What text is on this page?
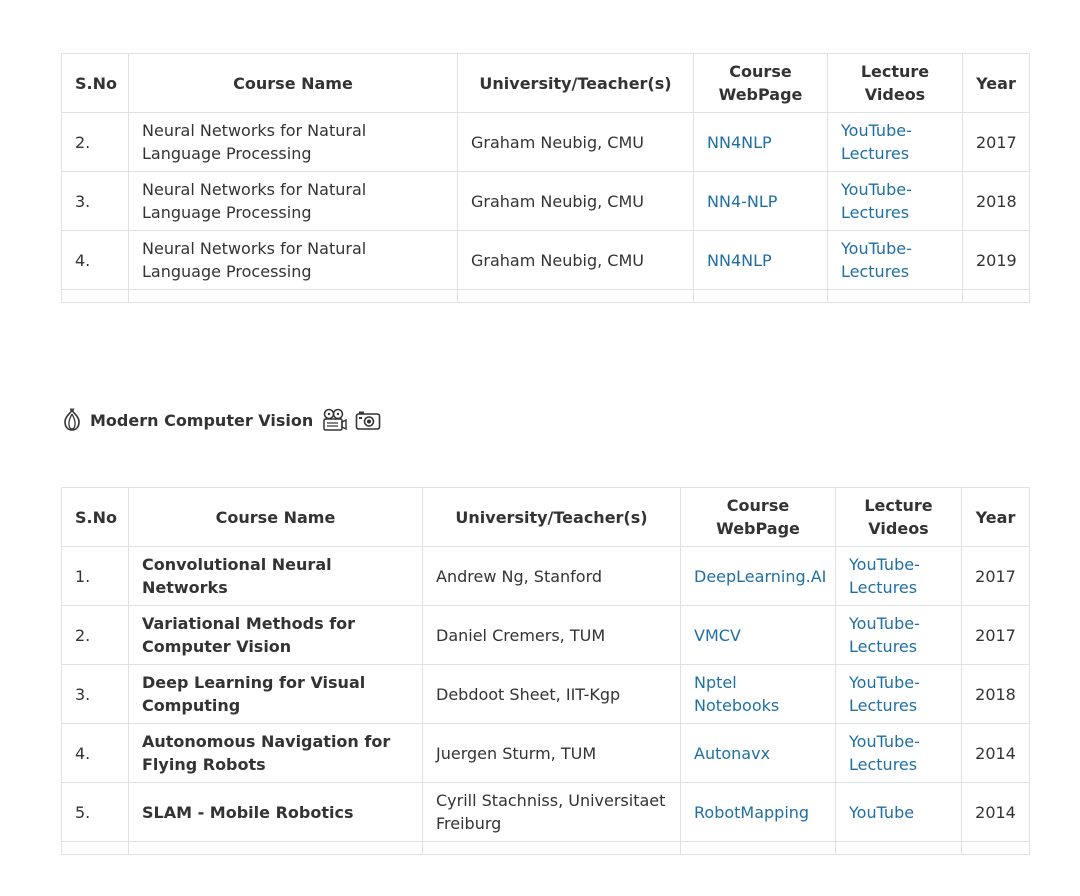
S.No	Course Name	University/Teacher(s)	Course WebPage	Lecture Videos	Year
2.	Neural Networks for Natural Language Processing	Graham Neubig, CMU	NN4NLP	YouTube-Lectures	2017
3.	Neural Networks for Natural Language Processing	Graham Neubig, CMU	NN4-NLP	YouTube-Lectures	2018
4.	Neural Networks for Natural Language Processing	Graham Neubig, CMU	NN4NLP	YouTube-Lectures	2019

Modern Computer Vision
S.No	Course Name	University/Teacher(s)	Course WebPage	Lecture Videos	Year
1.	Convolutional Neural Networks	Andrew Ng, Stanford	DeepLearning.AI	YouTube-Lectures	2017
2.	Variational Methods for Computer Vision	Daniel Cremers, TUM	VMCV	YouTube-Lectures	2017
3.	Deep Learning for Visual Computing	Debdoot Sheet, IIT-Kgp	Nptel Notebooks	YouTube-Lectures	2018
4.	Autonomous Navigation for Flying Robots	Juergen Sturm, TUM	Autonavx	YouTube-Lectures	2014
5.	SLAM - Mobile Robotics	Cyrill Stachniss, Universitaet Freiburg	RobotMapping	YouTube	2014
